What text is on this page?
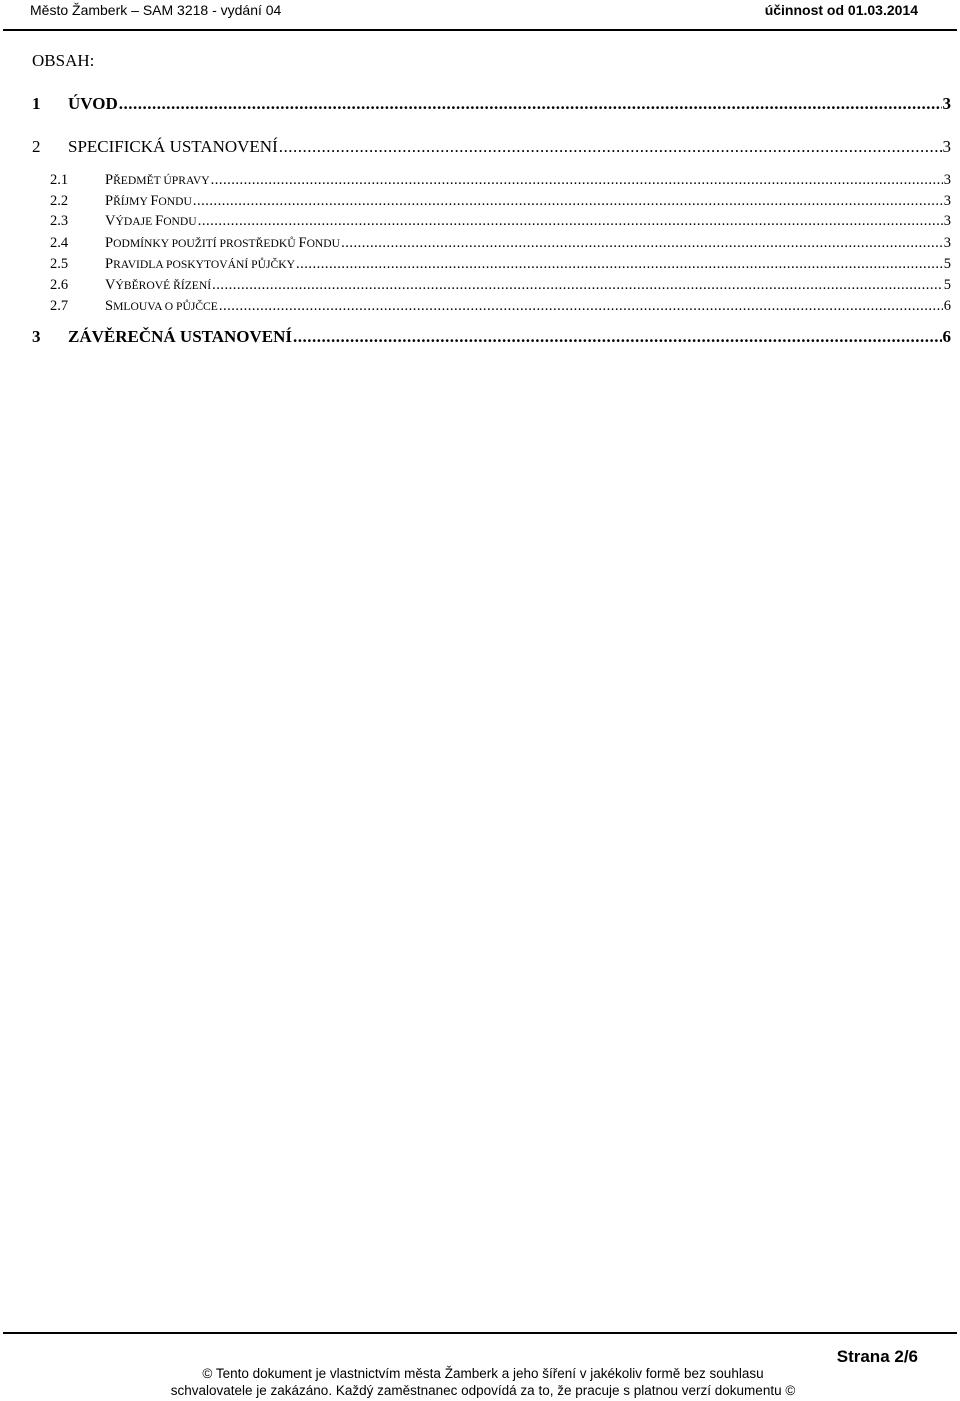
Město Žamberk – SAM 3218 - vydání 04	účinnost od 01.03.2014
OBSAH:
1	ÚVOD .....	3
2	SPECIFICKÁ USTANOVENÍ .....	3
2.1	PŘEDMĚT ÚPRAVY .....	3
2.2	PŘÍJMY FONDU .....	3
2.3	VÝDAJE FONDU .....	3
2.4	PODMÍNKY POUŽITÍ PROSTŘEDKŮ FONDU .....	3
2.5	PRAVIDLA POSKYTOVÁNÍ PŮJČKY .....	5
2.6	VÝBĚROVÉ ŘÍZENÍ .....	5
2.7	SMLOUVA O PŮJČCE .....	6
3	ZÁVĚREČNÁ USTANOVENÍ .....	6
Strana 2/6
© Tento dokument je vlastnictvím města Žamberk a jeho šíření v jakékoliv formě bez souhlasu
schvalovatele je zakázáno. Každý zaměstnanec odpovídá za to, že pracuje s platnou verzí dokumentu ©
